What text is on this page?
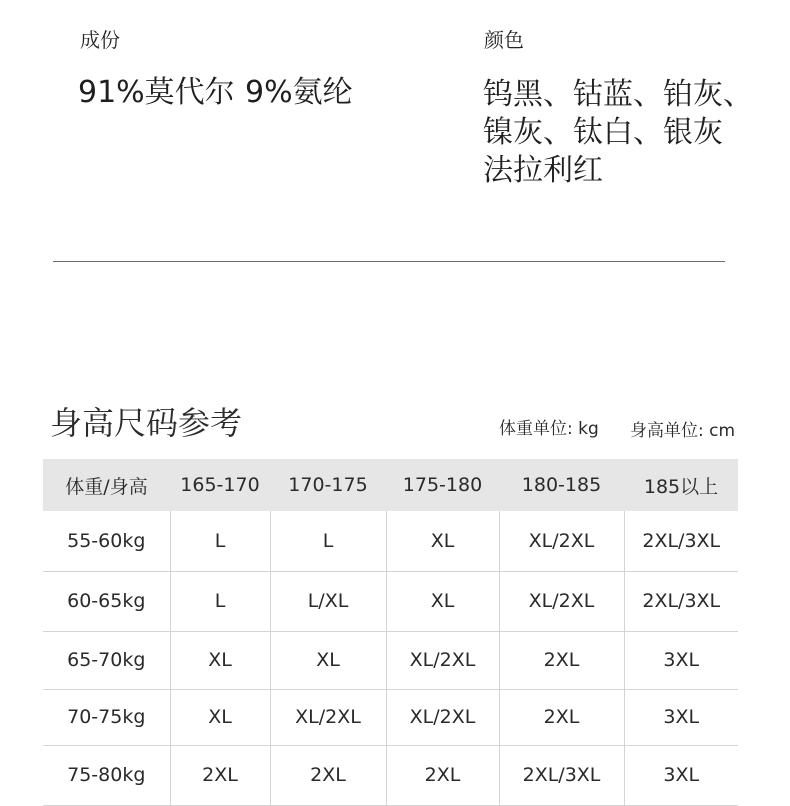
成份
91%莫代尔 9%氨纶
颜色
钨黑、钴蓝、铂灰、
镍灰、钛白、银灰
法拉利红
身高尺码参考	体重单位: kg 身高单位: cm
体重/身高	165-170	170-175	175-180	180-185	185以上
55-60kg	L	L	XL	XL/2XL	2XL/3XL
60-65kg	L	L/XL	XL	XL/2XL	2XL/3XL
65-70kg	XL	XL	XL/2XL	2XL	3XL
70-75kg	XL	XL/2XL	XL/2XL	2XL	3XL
75-80kg	2XL	2XL	2XL	2XL/3XL	3XL
